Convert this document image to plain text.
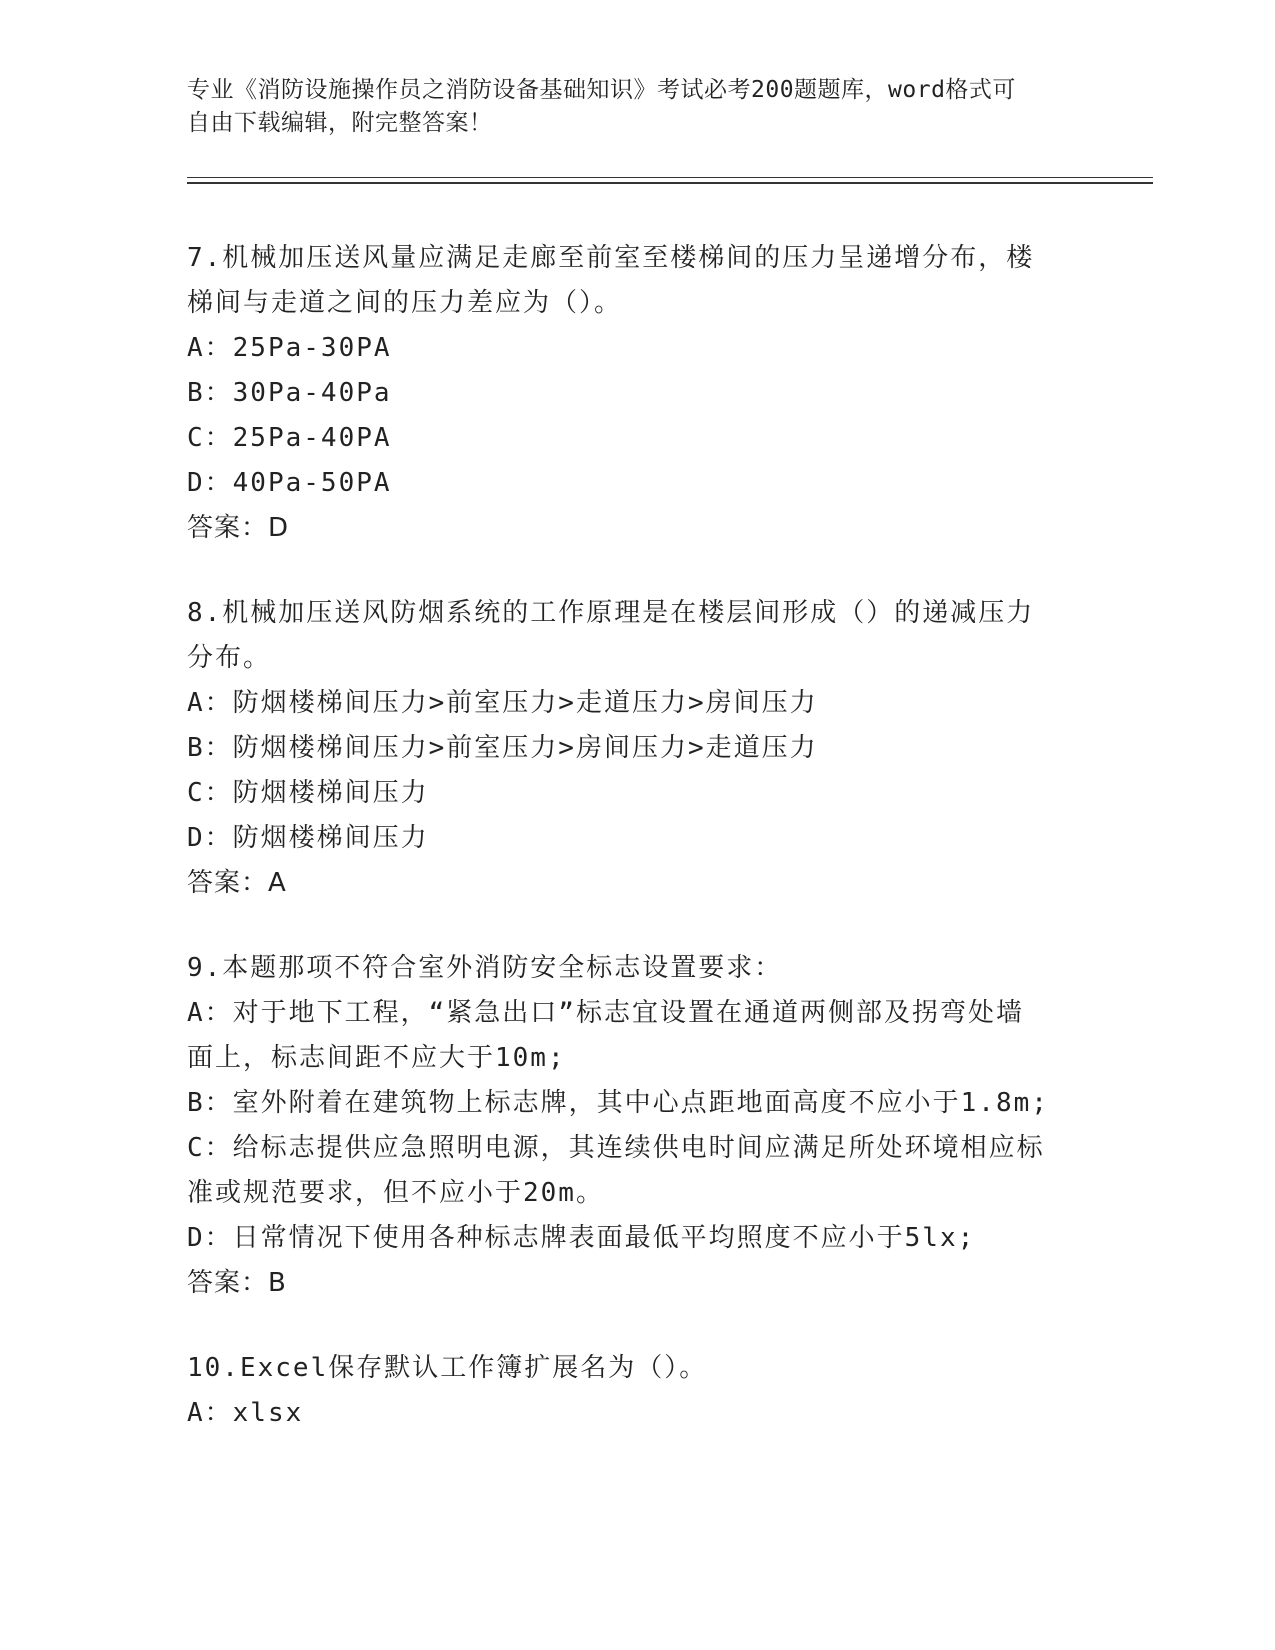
专业《消防设施操作员之消防设备基础知识》考试必考200题题库，word格式可
自由下载编辑，附完整答案！
7.机械加压送风量应满足走廊至前室至楼梯间的压力呈递增分布，楼
梯间与走道之间的压力差应为（）。
A：25Pa-30PA
B：30Pa-40Pa
C：25Pa-40PA
D：40Pa-50PA
答案：D
8.机械加压送风防烟系统的工作原理是在楼层间形成（）的递减压力
分布。
A：防烟楼梯间压力>前室压力>走道压力>房间压力
B：防烟楼梯间压力>前室压力>房间压力>走道压力
C：防烟楼梯间压力
D：防烟楼梯间压力
答案：A
9.本题那项不符合室外消防安全标志设置要求：
A：对于地下工程，“紧急出口”标志宜设置在通道两侧部及拐弯处墙
面上，标志间距不应大于10m;
B：室外附着在建筑物上标志牌，其中心点距地面高度不应小于1.8m;
C：给标志提供应急照明电源，其连续供电时间应满足所处环境相应标
准或规范要求，但不应小于20m。
D：日常情况下使用各种标志牌表面最低平均照度不应小于5lx;
答案：B
10.Excel保存默认工作簿扩展名为（）。
A：xlsx
